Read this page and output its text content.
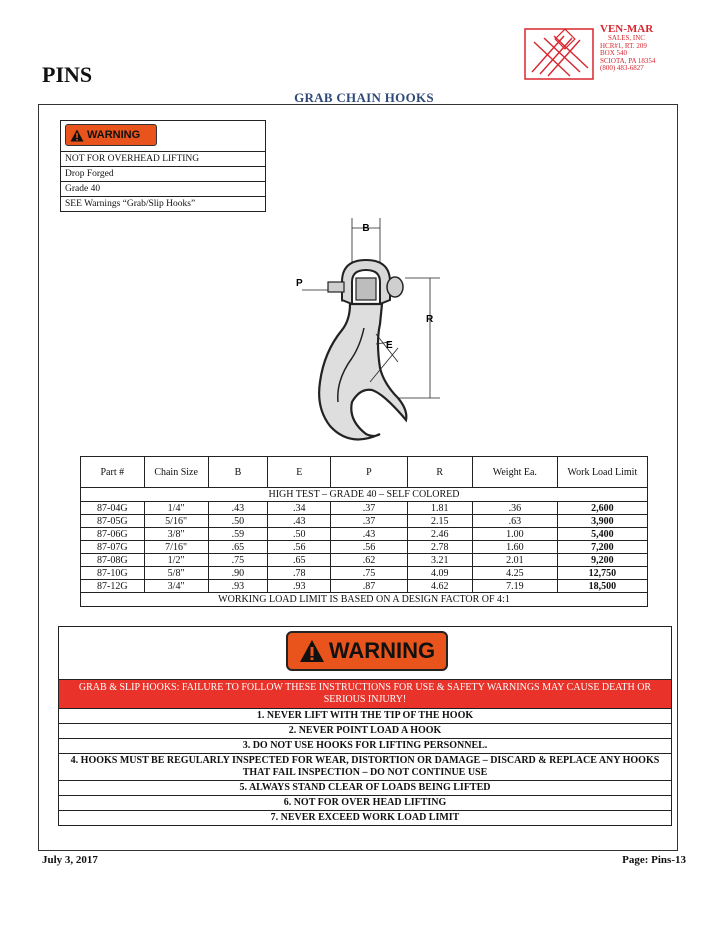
PINS
VEN-MAR
SALES, INC
HCR#1, RT. 209
BOX 540
SCIOTA, PA 18354
(800) 483-6827
GRAB CHAIN HOOKS
WARNING
NOT FOR OVERHEAD LIFTING
Drop Forged
Grade 40
SEE Warnings “Grab/Slip Hooks”
B
P
R
E
Part #	Chain Size	B	E	P	R	Weight Ea.	Work Load Limit
HIGH TEST – GRADE 40 – SELF COLORED							
87-04G	1/4"	.43	.34	.37	1.81	.36	2,600
87-05G	5/16"	.50	.43	.37	2.15	.63	3,900
87-06G	3/8"	.59	.50	.43	2.46	1.00	5,400
87-07G	7/16"	.65	.56	.56	2.78	1.60	7,200
87-08G	1/2"	.75	.65	.62	3.21	2.01	9,200
87-10G	5/8"	.90	.78	.75	4.09	4.25	12,750
87-12G	3/4"	.93	.93	.87	4.62	7.19	18,500
WORKING LOAD LIMIT IS BASED ON A DESIGN FACTOR OF 4:1							
WARNING
GRAB & SLIP HOOKS: FAILURE TO FOLLOW THESE INSTRUCTIONS FOR USE & SAFETY WARNINGS MAY CAUSE DEATH OR SERIOUS INJURY!
1. NEVER LIFT WITH THE TIP OF THE HOOK
2. NEVER POINT LOAD A HOOK
3. DO NOT USE HOOKS FOR LIFTING PERSONNEL.
4. HOOKS MUST BE REGULARLY INSPECTED FOR WEAR, DISTORTION OR DAMAGE – DISCARD & REPLACE ANY HOOKS THAT FAIL INSPECTION – DO NOT CONTINUE USE
5. ALWAYS STAND CLEAR OF LOADS BEING LIFTED
6. NOT FOR OVER HEAD LIFTING
7. NEVER EXCEED WORK LOAD LIMIT
July 3, 2017	Page: Pins-13
